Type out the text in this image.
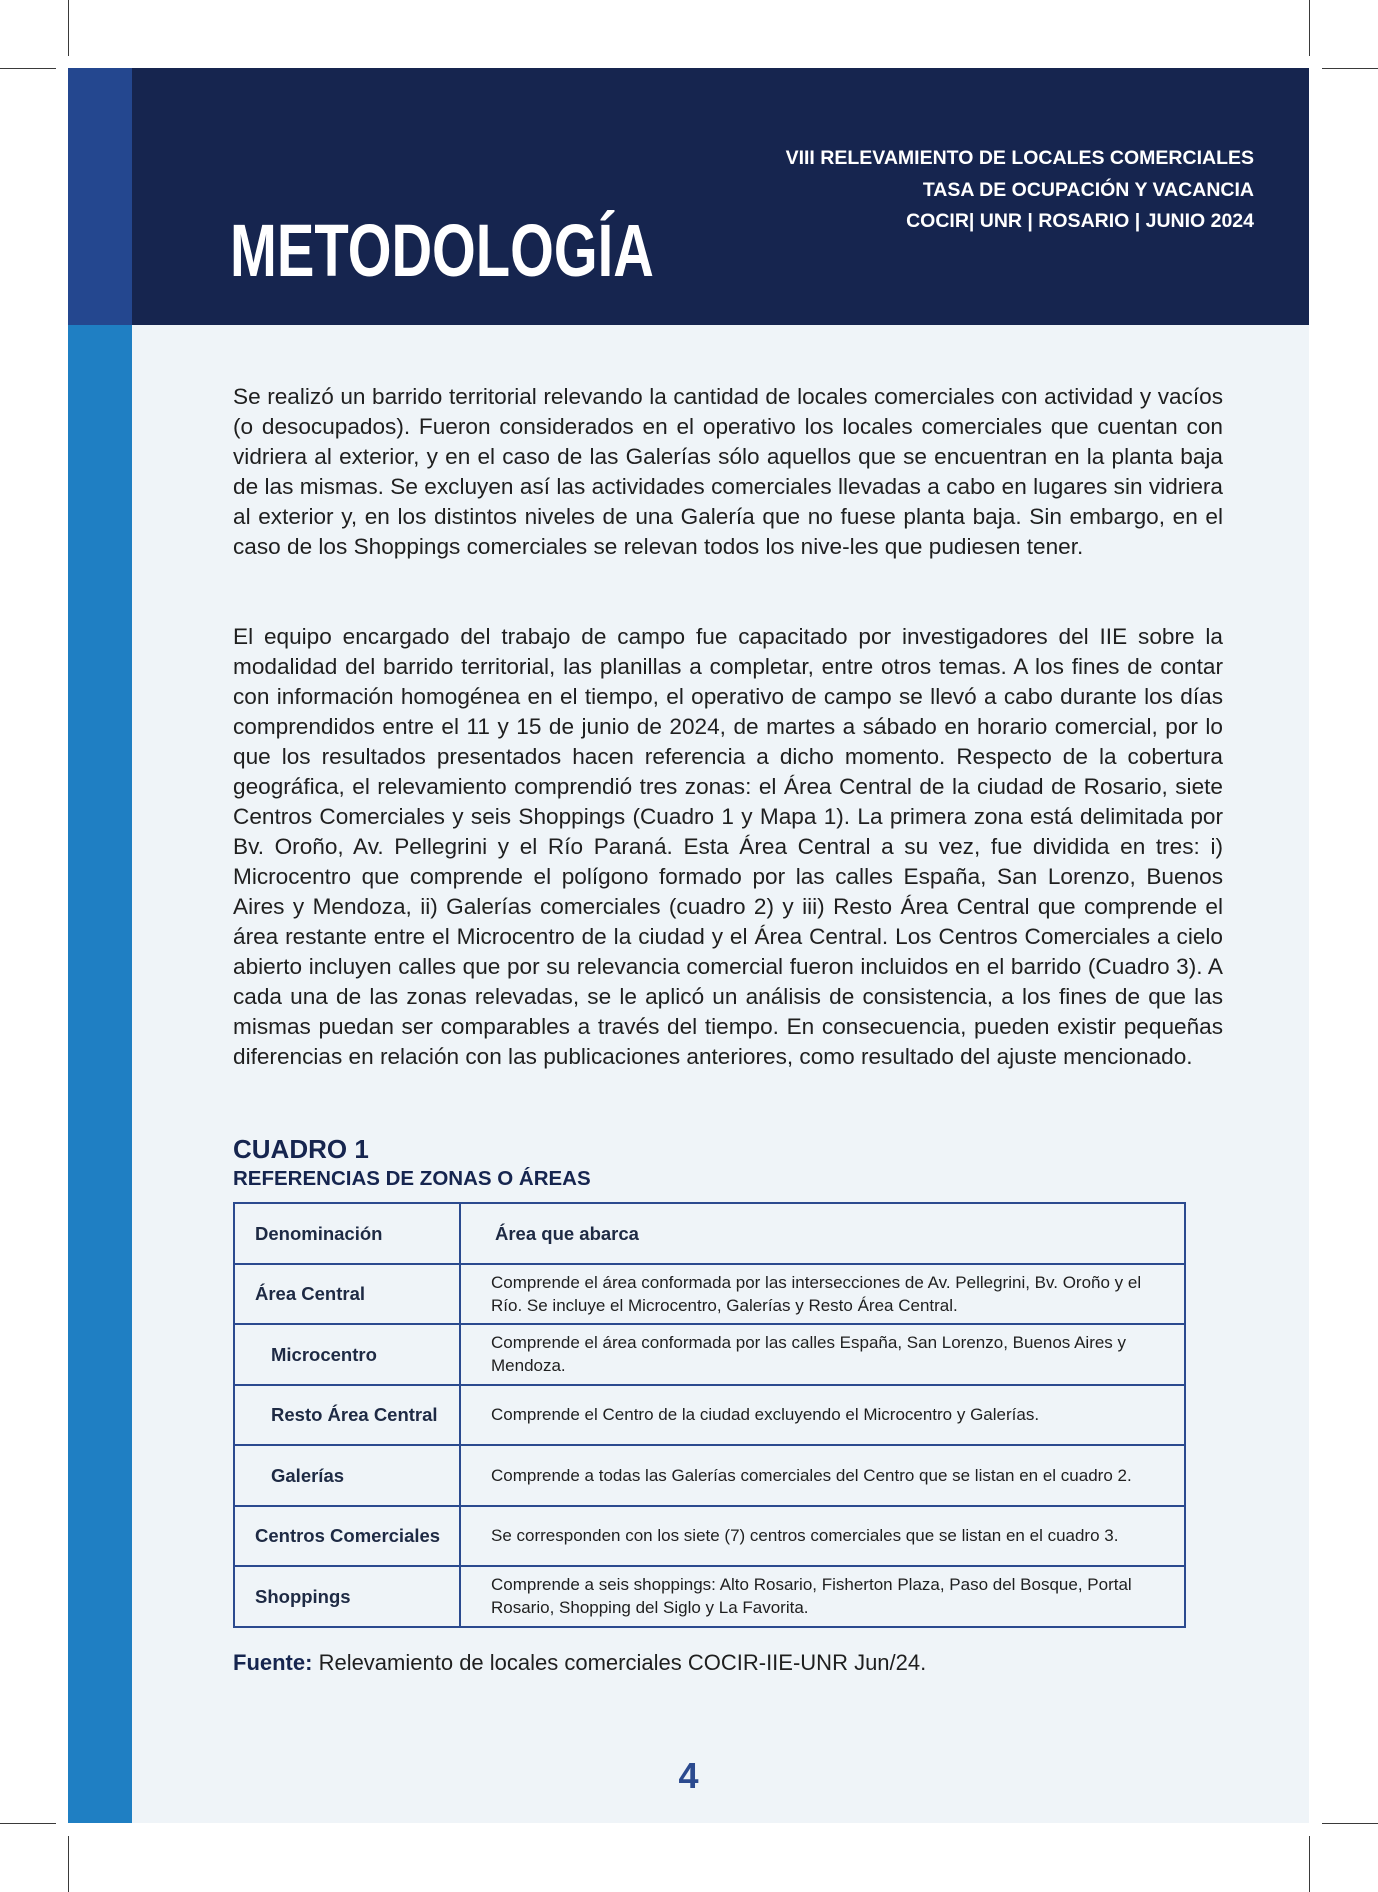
VIII RELEVAMIENTO DE LOCALES COMERCIALES
TASA DE OCUPACIÓN Y VACANCIA
COCIR| UNR | ROSARIO | JUNIO 2024
METODOLOGÍA

Se realizó un barrido territorial relevando la cantidad de locales comerciales con actividad y vacíos (o desocupados). Fueron considerados en el operativo los locales comerciales que cuentan con vidriera al exterior, y en el caso de las Galerías sólo aquellos que se encuentran en la planta baja de las mismas. Se excluyen así las actividades comerciales llevadas a cabo en lugares sin vidriera al exterior y, en los distintos niveles de una Galería que no fuese planta baja. Sin embargo, en el caso de los Shoppings comerciales se relevan todos los nive-les que pudiesen tener.

El equipo encargado del trabajo de campo fue capacitado por investigadores del IIE sobre la modalidad del barrido territorial, las planillas a completar, entre otros temas. A los fines de contar con información homogénea en el tiempo, el operativo de campo se llevó a cabo durante los días comprendidos entre el 11 y 15 de junio de 2024, de martes a sábado en horario comercial, por lo que los resultados presentados hacen referencia a dicho momento. Respecto de la cobertura geográfica, el relevamiento comprendió tres zonas: el Área Central de la ciudad de Rosario, siete Centros Comerciales y seis Shoppings (Cuadro 1 y Mapa 1). La primera zona está delimitada por Bv. Oroño, Av. Pellegrini y el Río Paraná. Esta Área Central a su vez, fue dividida en tres: i) Microcentro que comprende el polígono formado por las calles España, San Lorenzo, Buenos Aires y Mendoza, ii) Galerías comerciales (cuadro 2) y iii) Resto Área Central que comprende el área restante entre el Microcentro de la ciudad y el Área Central. Los Centros Comerciales a cielo abierto incluyen calles que por su relevancia comercial fueron incluidos en el barrido (Cuadro 3). A cada una de las zonas relevadas, se le aplicó un análisis de consistencia, a los fines de que las mismas puedan ser comparables a través del tiempo. En consecuencia, pueden existir pequeñas diferencias en relación con las publicaciones anteriores, como resultado del ajuste mencionado.

CUADRO 1
REFERENCIAS DE ZONAS O ÁREAS
Denominación	Área que abarca
Área Central	Comprende el área conformada por las intersecciones de Av. Pellegrini, Bv. Oroño y el Río. Se incluye el Microcentro, Galerías y Resto Área Central.
Microcentro	Comprende el área conformada por las calles España, San Lorenzo, Buenos Aires y Mendoza.
Resto Área Central	Comprende el Centro de la ciudad excluyendo el Microcentro y Galerías.
Galerías	Comprende a todas las Galerías comerciales del Centro que se listan en el cuadro 2.
Centros Comerciales	Se corresponden con los siete (7) centros comerciales que se listan en el cuadro 3.
Shoppings	Comprende a seis shoppings: Alto Rosario, Fisherton Plaza, Paso del Bosque, Portal Rosario, Shopping del Siglo y La Favorita.

Fuente: Relevamiento de locales comerciales COCIR-IIE-UNR Jun/24.

4
